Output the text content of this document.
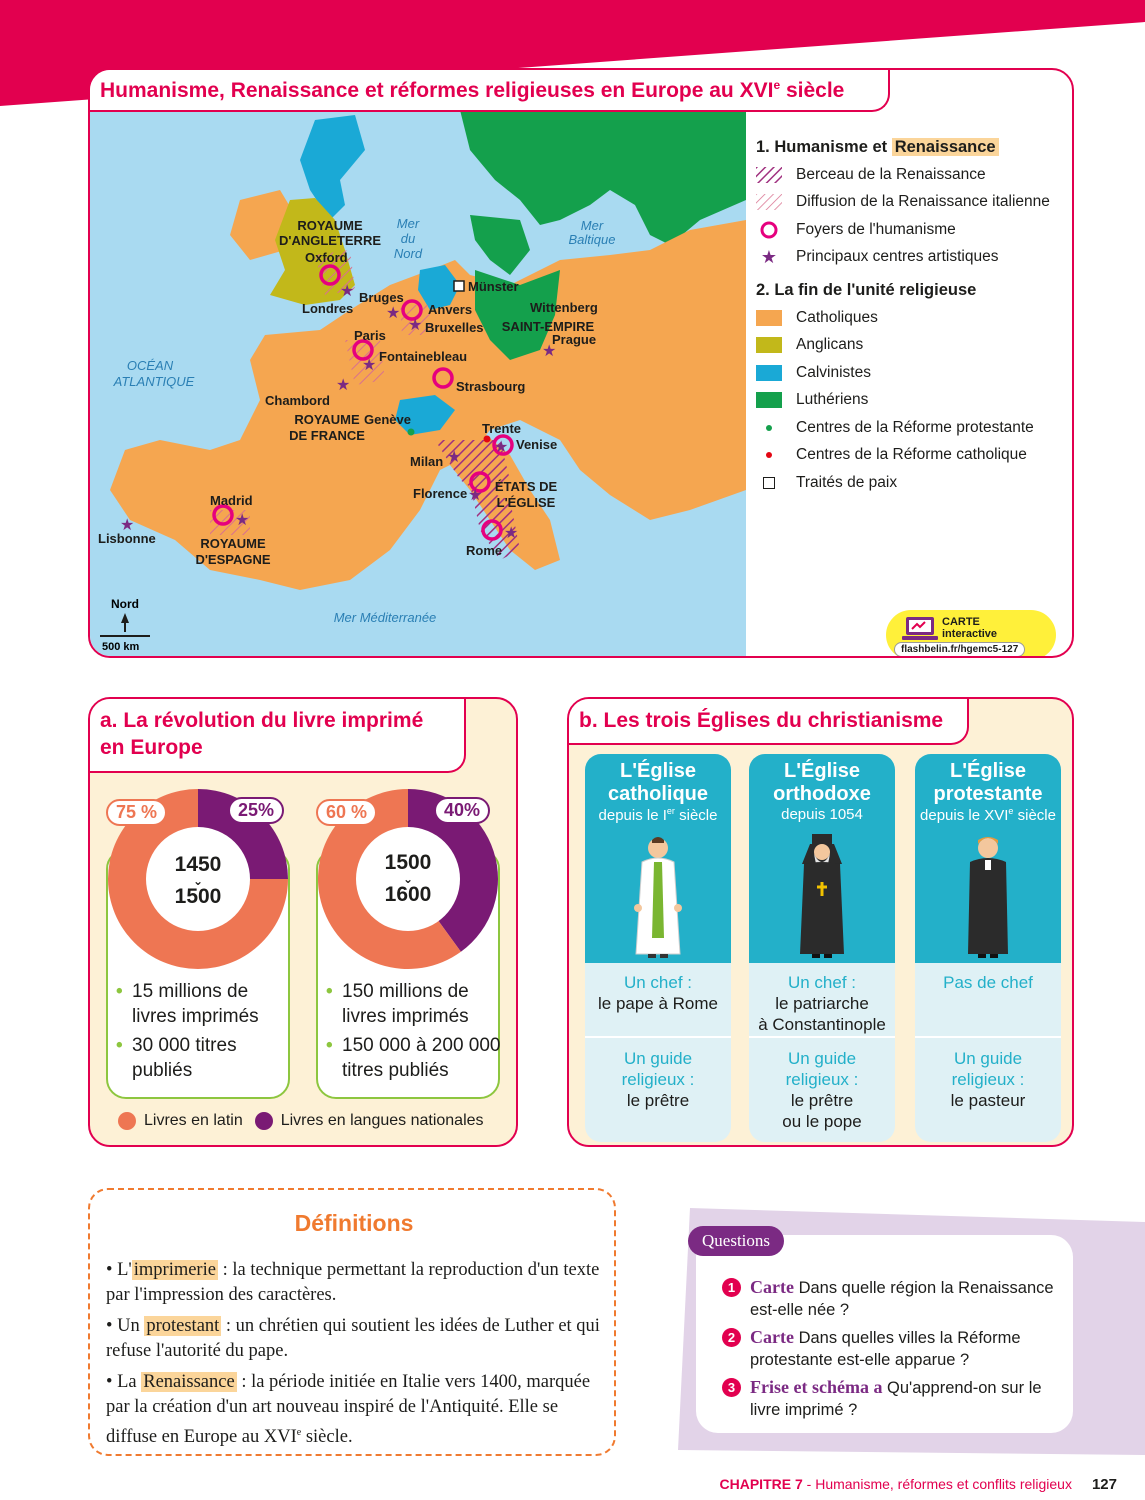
Humanisme, Renaissance et réformes religieuses en Europe au XVIe siècle
★
★
★
★
★
★
★
★
★
★
★
★
OCÉAN
ATLANTIQUE
Mer
du
Nord
Mer
Baltique
Mer Méditerranée
ROYAUME
D'ANGLETERRE
ROYAUME
DE FRANCE
ROYAUME
D'ESPAGNE
SAINT-EMPIRE
ÉTATS DE
L'ÉGLISE
Oxford
Londres
Bruges
Anvers
Bruxelles
Münster
Wittenberg
Prague
Paris
Fontainebleau
Strasbourg
Chambord
Genève
Trente
Venise
Milan
Florence
Rome
Madrid
Lisbonne
Nord
500 km
1. Humanisme et Renaissance
Berceau de la Renaissance
Diffusion de la Renaissance italienne
Foyers de l'humanisme
★ Principaux centres artistiques
2. La fin de l'unité religieuse
Catholiques
Anglicans
Calvinistes
Luthériens
Centres de la Réforme protestante
Centres de la Réforme catholique
Traités de paix
CARTE
interactive
flashbelin.fr/hgemc5-127
a. La révolution du livre imprimé
en Europe
75 %	25%
1450
⌄
1500
• 15 millions de livres imprimés
• 30 000 titres publiés
60 %	40%
1500
⌄
1600
• 150 millions de livres imprimés
• 150 000 à 200 000 titres publiés
Livres en latin Livres en langues nationales
b. Les trois Églises du christianisme
L'Église
catholique
depuis le Ier siècle
Un chef :
le pape à Rome
Un guide
religieux :
le prêtre
L'Église
orthodoxe
depuis 1054
Un chef :
le patriarche
à Constantinople
Un guide
religieux :
le prêtre
ou le pope
L'Église
protestante
depuis le XVIe siècle
Pas de chef
Un guide
religieux :
le pasteur
Définitions

• L' imprimerie : la technique permettant la reproduction d'un texte par l'impression des caractères.

• Un protestant : un chrétien qui soutient les idées de Luther et qui refuse l'autorité du pape.

• La Renaissance : la période initiée en Italie vers 1400, marquée par la création d'un art nouveau inspiré de l'Antiquité. Elle se diffuse en Europe au XVIe siècle.

Questions
1 Carte Dans quelle région la Renaissance est-elle née ?
2 Carte Dans quelles villes la Réforme protestante est-elle apparue ?
3 Frise et schéma a Qu'apprend-on sur le livre imprimé ?
CHAPITRE 7 - Humanisme, réformes et conflits religieux 127
